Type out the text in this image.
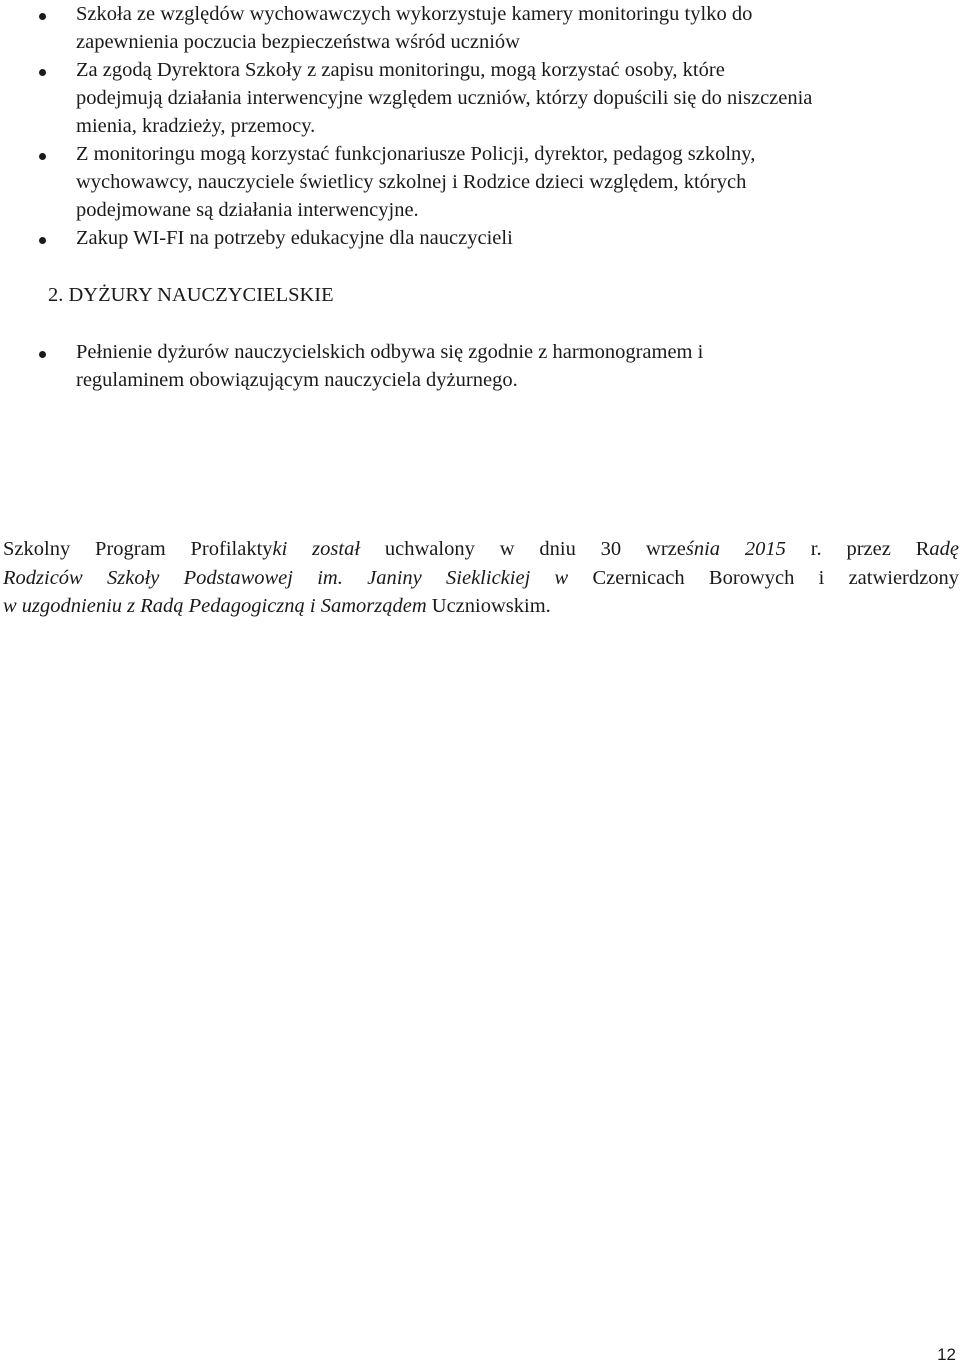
Szkoła ze względów wychowawczych wykorzystuje kamery monitoringu tylko do
zapewnienia poczucia bezpieczeństwa wśród uczniów
Za zgodą Dyrektora Szkoły z zapisu monitoringu, mogą korzystać osoby, które
podejmują działania interwencyjne względem uczniów, którzy dopuścili się do niszczenia
mienia, kradzieży, przemocy.
Z monitoringu mogą korzystać funkcjonariusze Policji, dyrektor, pedagog szkolny,
wychowawcy, nauczyciele świetlicy szkolnej i Rodzice dzieci względem, których
podejmowane są działania interwencyjne.
Zakup WI-FI na potrzeby edukacyjne dla nauczycieli
2. DYŻURY NAUCZYCIELSKIE
Pełnienie dyżurów nauczycielskich odbywa się zgodnie z harmonogramem i
regulaminem obowiązującym nauczyciela dyżurnego.
Szkolny Program Profilaktyki został uchwalony w dniu 30 września 2015 r. przez Radę
Rodziców Szkoły Podstawowej im. Janiny Sieklickiej w Czernicach Borowych i zatwierdzony
w uzgodnieniu z Radą Pedagogiczną i Samorządem Uczniowskim.
12
